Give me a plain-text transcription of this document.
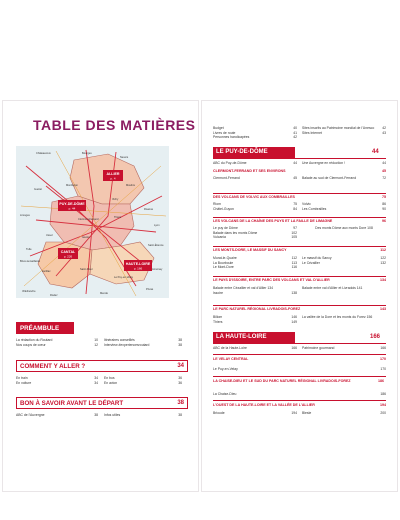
TABLE DES MATIÈRES
ALLIER
p. 4
PUY-DE-DÔME
p. 44
CANTAL
p. 226
HAUTE-LOIRE
p. 166
Châteauroux	Bourges
Nevers
Montluçon	Moulins
Vichy
Clermont-Ferrand
Thiers
Roanne
Lyon
Le Puy-en-Velay
Aurillac
Saint-Flour
Mende
Brive-la-Gaillarde
Tulle
Limoges
Guéret
Saint-Étienne
Ussel
Issoire
Rodez
Villefranche
Annonay
Privas
PRÉAMBULE
La rédaction du Routard	10
Nos coups de cœur	12
Itinéraires conseillés	38
Interview #experiencesroutard	38
COMMENT Y ALLER ?	34
En train	34
En voiture	34
En bus	36
En avion	36
BON À SAVOIR AVANT LE DÉPART	38
ABC de l'Auvergne	38 Infos utiles	38
Budget	40
Livres de route	41
Personnes handicapées	42
Sites inscrits au Patrimoine mondial de l'Unesco 42
Sites Internet	43
LE PUY-DE-DÔME	44
ABC du Puy-de-Dôme	44 Une Auvergne en réduction !	44
CLERMONT-FERRAND ET SES ENVIRONS	45
Clermont-Ferrand	45 Balade au sud de Clermont-Ferrand	72
DES VOLCANS DE VOLVIC AUX COMBRAILLES	75
Riom	75
Châtel-Guyon	84
Volvic	86
Les Combrailles	90
LES VOLCANS DE LA CHAÎNE DES PUYS ET LA FAILLE DE LIMAGNE	96
Le puy de Dôme	97
Balade dans les monts Dôme	102
Vulcania	105
Des monts Dôme aux monts Dore 108
LES MONTS-DORE, LE MASSIF DU SANCY	112
Murat-le-Quaire	112
La Bourboule	113
Le Mont-Dore	116
Le massif du Sancy	122
Le Cézallier	132
LE PAYS D'ISSOIRE, ENTRE PARC DES VOLCANS ET VAL D'ALLIER	134
Balade entre Cézallier et val d'Allier 134
Issoire	138
Balade entre val d'Allier et Livradois 141
LE PARC NATUREL RÉGIONAL LIVRADOIS-FOREZ	143
Billom	146
Thiers	149
La vallée de la Dore et les monts du Forez 156
LA HAUTE-LOIRE	166
ABC de la Haute-Loire	166 Patrimoine gourmand	166
LE VELAY CENTRAL	170
Le Puy-en-Velay	170
LA CHAISE-DIEU ET LE SUD DU PARC NATUREL RÉGIONAL LIVRADOIS-FOREZ	186
La Chaise-Dieu	186
L'OUEST DE LA HAUTE-LOIRE ET LA VALLÉE DE L'ALLIER	194
Brioude	194 Blesle	200
